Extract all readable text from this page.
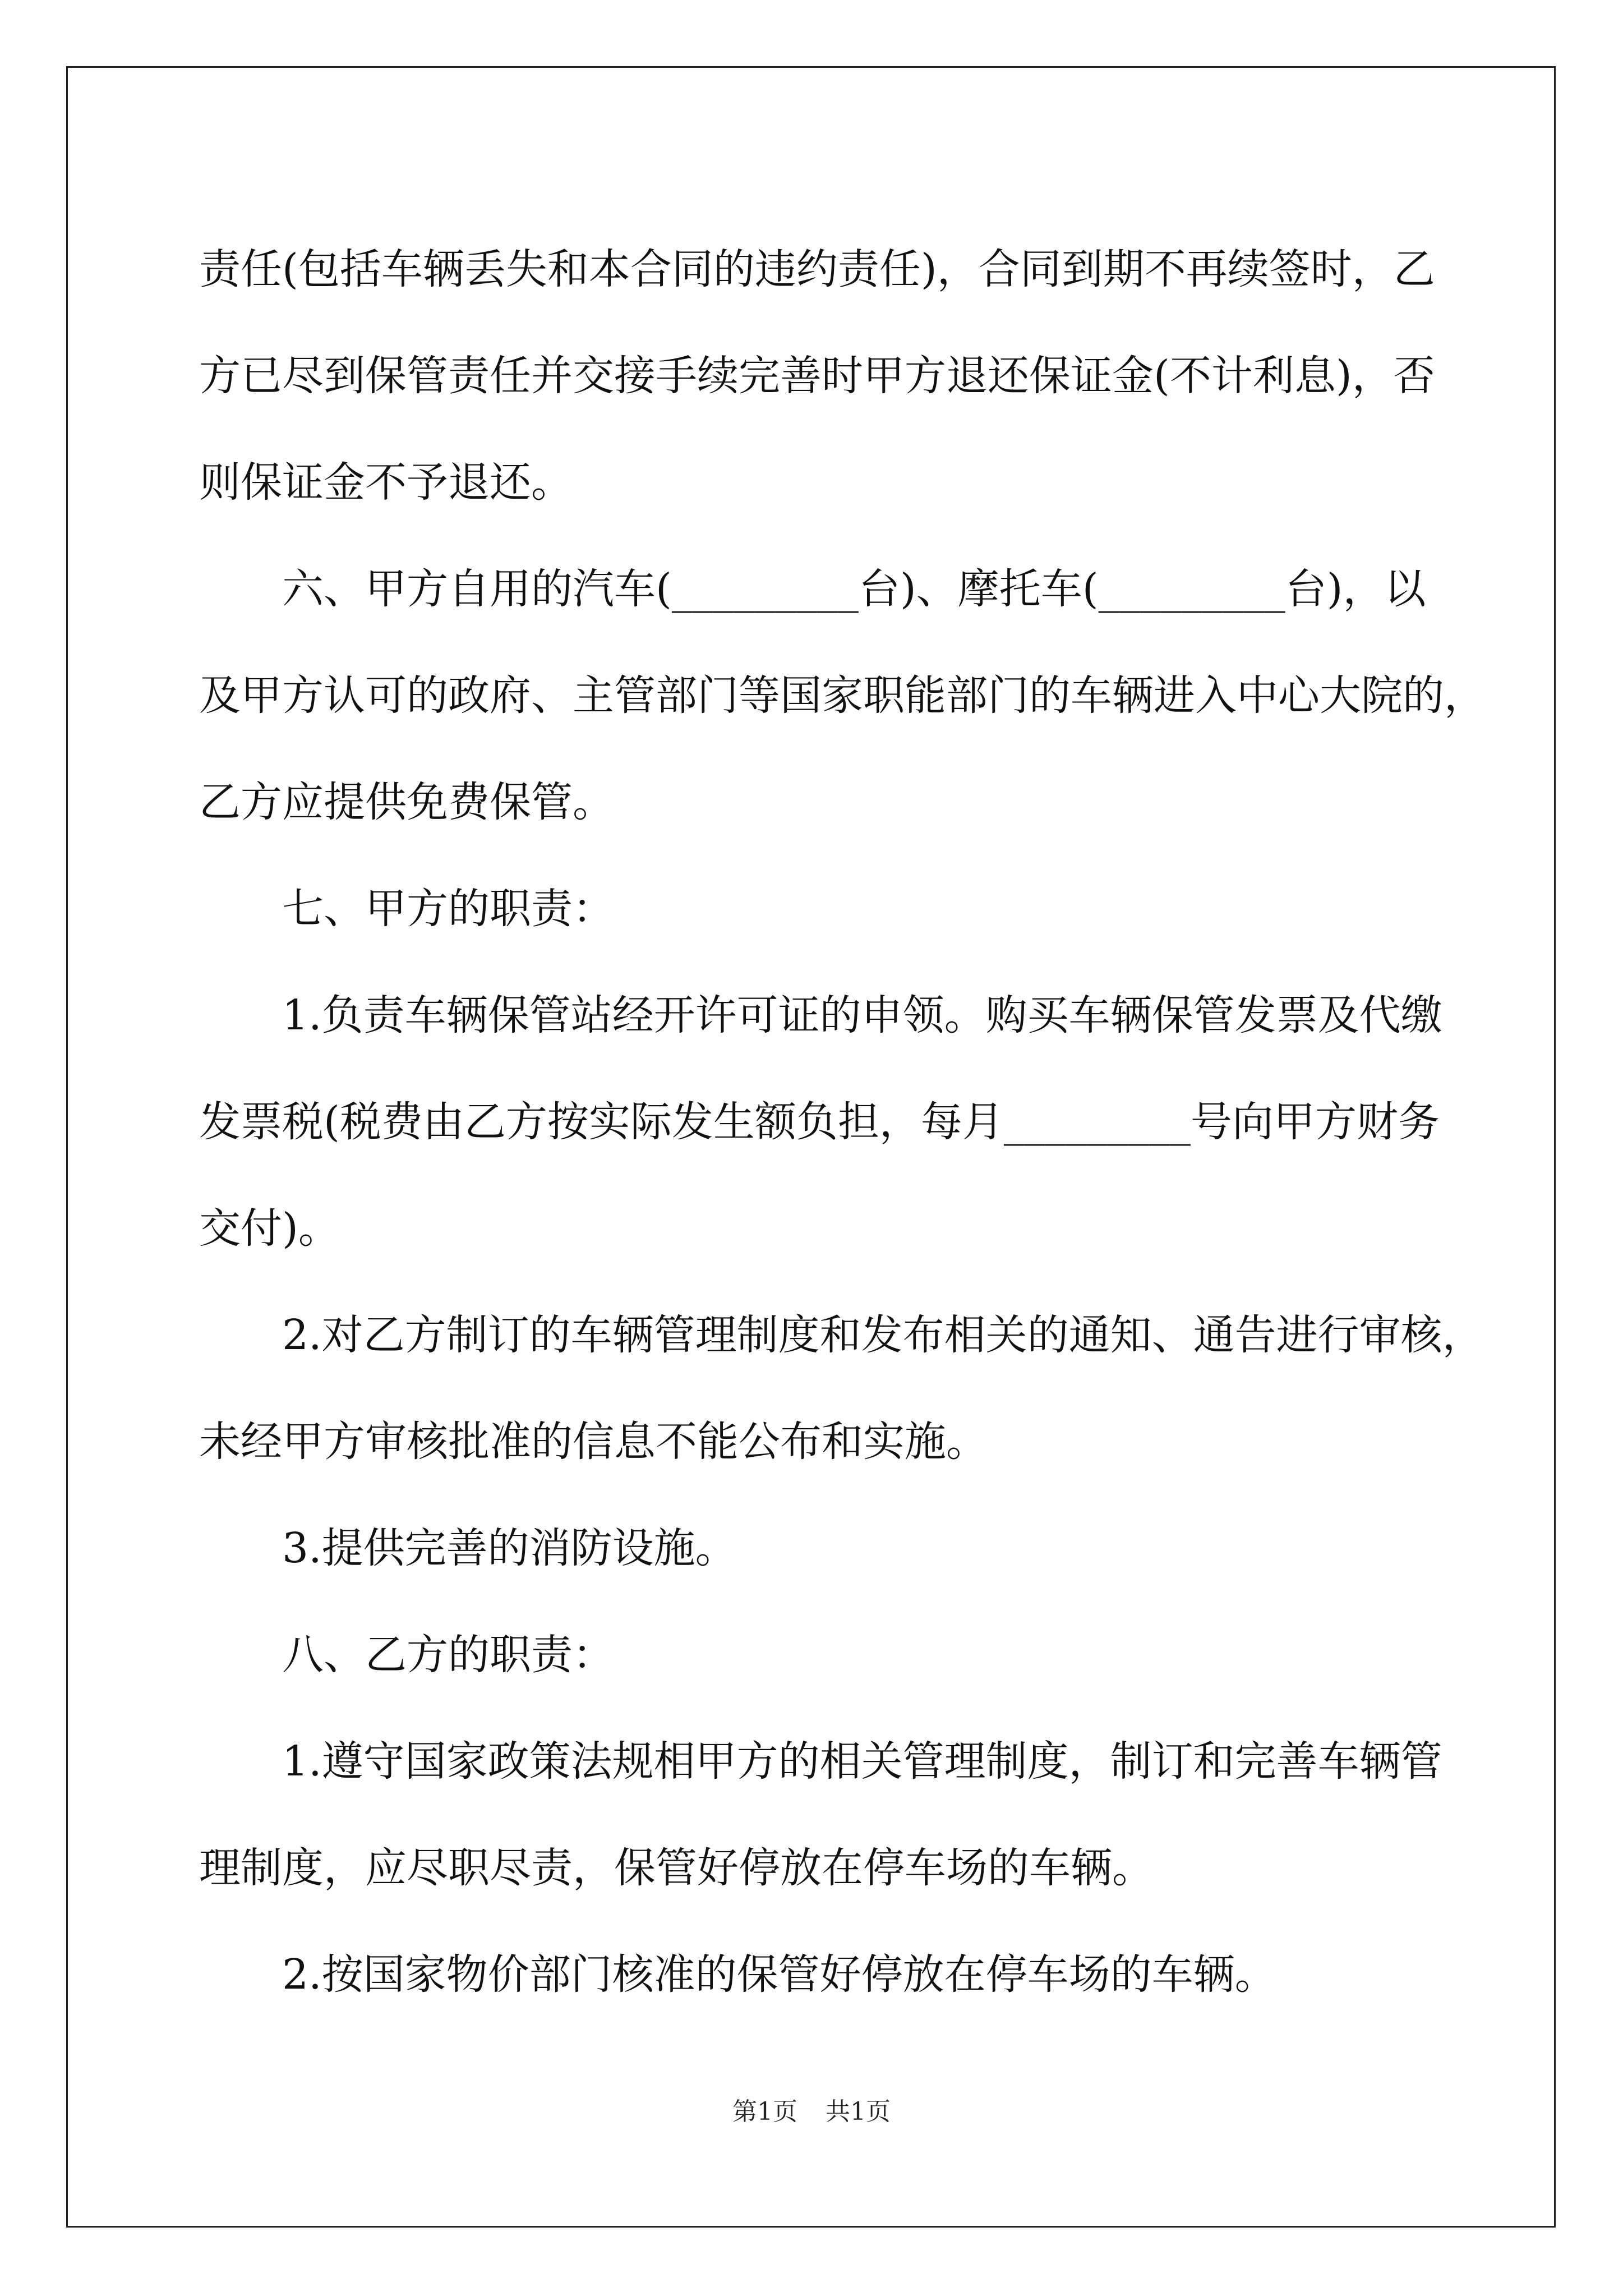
责任(包括车辆丢失和本合同的违约责任)，合同到期不再续签时，乙
方已尽到保管责任并交接手续完善时甲方退还保证金(不计利息)，否
则保证金不予退还。
　　六、甲方自用的汽车(_________台)、摩托车(_________台)，以
及甲方认可的政府、主管部门等国家职能部门的车辆进入中心大院的，
乙方应提供免费保管。
　　七、甲方的职责：
　　1.负责车辆保管站经开许可证的申领。购买车辆保管发票及代缴
发票税(税费由乙方按实际发生额负担，每月_________号向甲方财务
交付)。
　　2.对乙方制订的车辆管理制度和发布相关的通知、通告进行审核，
未经甲方审核批准的信息不能公布和实施。
　　3.提供完善的消防设施。
　　八、乙方的职责：
　　1.遵守国家政策法规相甲方的相关管理制度，制订和完善车辆管
理制度，应尽职尽责，保管好停放在停车场的车辆。
　　2.按国家物价部门核准的保管好停放在停车场的车辆。
第1页 共1页
